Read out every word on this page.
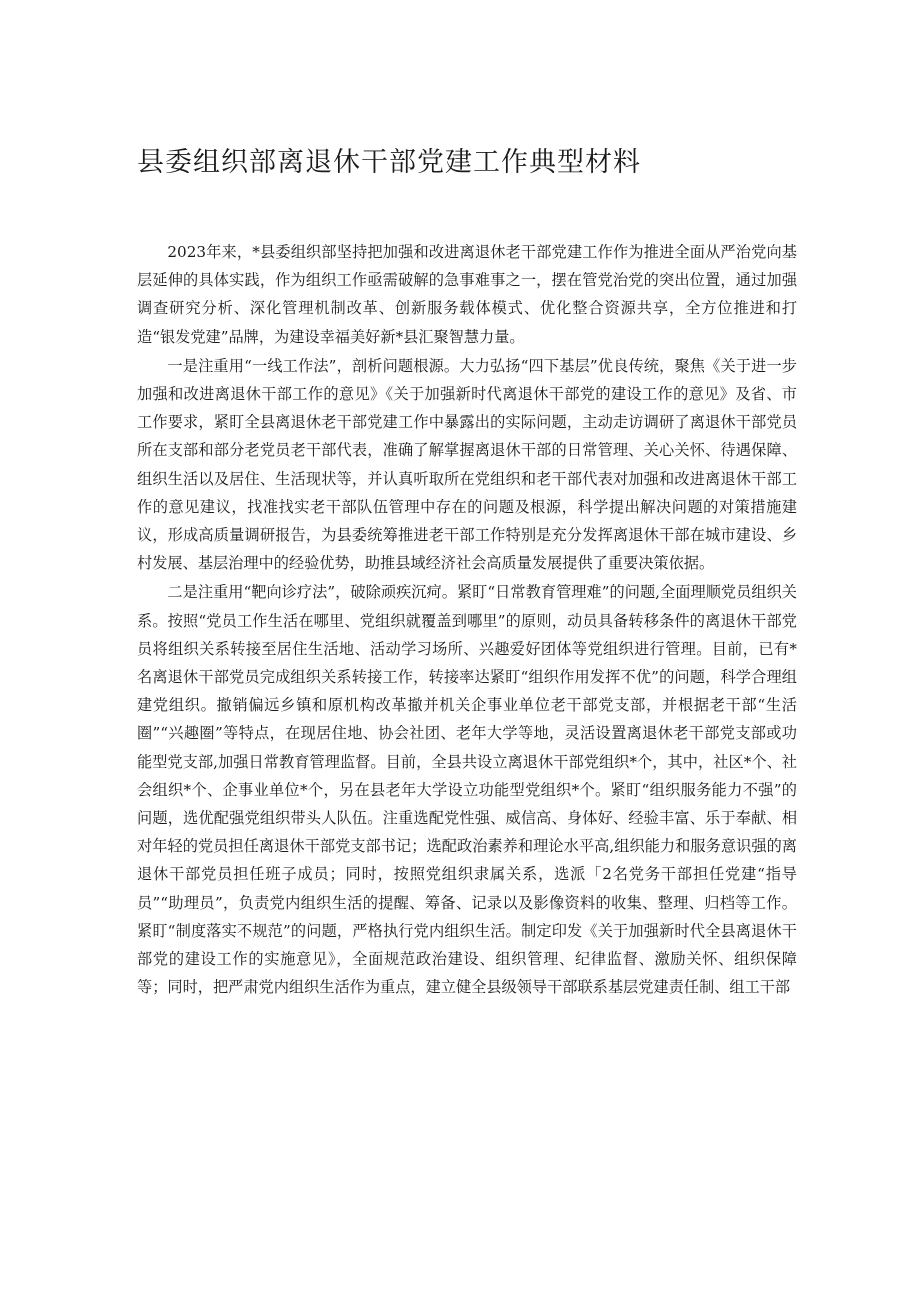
县委组织部离退休干部党建工作典型材料

2023年来，*县委组织部坚持把加强和改进离退休老干部党建工作作为推进全面从严治党向基层延伸的具体实践，作为组织工作亟需破解的急事难事之一，摆在管党治党的突出位置，通过加强调查研究分析、深化管理机制改革、创新服务载体模式、优化整合资源共享，全方位推进和打造“银发党建”品牌，为建设幸福美好新*县汇聚智慧力量。

一是注重用“一线工作法”，剖析问题根源。大力弘扬“四下基层”优良传统，聚焦《关于进一步加强和改进离退休干部工作的意见》《关于加强新时代离退休干部党的建设工作的意见》及省、市工作要求，紧盯全县离退休老干部党建工作中暴露出的实际问题，主动走访调研了离退休干部党员所在支部和部分老党员老干部代表，准确了解掌握离退休干部的日常管理、关心关怀、待遇保障、组织生活以及居住、生活现状等，并认真听取所在党组织和老干部代表对加强和改进离退休干部工作的意见建议，找准找实老干部队伍管理中存在的问题及根源，科学提出解决问题的对策措施建议，形成高质量调研报告，为县委统筹推进老干部工作特别是充分发挥离退休干部在城市建设、乡村发展、基层治理中的经验优势，助推县域经济社会高质量发展提供了重要决策依据。

二是注重用“靶向诊疗法”，破除顽疾沉疴。紧盯“日常教育管理难”的问题,全面理顺党员组织关系。按照“党员工作生活在哪里、党组织就覆盖到哪里”的原则，动员具备转移条件的离退休干部党员将组织关系转接至居住生活地、活动学习场所、兴趣爱好团体等党组织进行管理。目前，已有*名离退休干部党员完成组织关系转接工作，转接率达紧盯“组织作用发挥不优”的问题，科学合理组建党组织。撤销偏远乡镇和原机构改革撤并机关企事业单位老干部党支部，并根据老干部“生活圈”“兴趣圈”等特点，在现居住地、协会社团、老年大学等地，灵活设置离退休老干部党支部或功能型党支部,加强日常教育管理监督。目前，全县共设立离退休干部党组织*个，其中，社区*个、社会组织*个、企事业单位*个，另在县老年大学设立功能型党组织*个。紧盯“组织服务能力不强”的问题，选优配强党组织带头人队伍。注重选配党性强、威信高、身体好、经验丰富、乐于奉献、相对年轻的党员担任离退休干部党支部书记；选配政治素养和理论水平高,组织能力和服务意识强的离退休干部党员担任班子成员；同时，按照党组织隶属关系，选派「2名党务干部担任党建“指导员”“助理员”，负责党内组织生活的提醒、筹备、记录以及影像资料的收集、整理、归档等工作。紧盯“制度落实不规范”的问题，严格执行党内组织生活。制定印发《关于加强新时代全县离退休干部党的建设工作的实施意见》，全面规范政治建设、组织管理、纪律监督、激励关怀、组织保障等；同时，把严肃党内组织生活作为重点，建立健全县级领导干部联系基层党建责任制、组工干部
